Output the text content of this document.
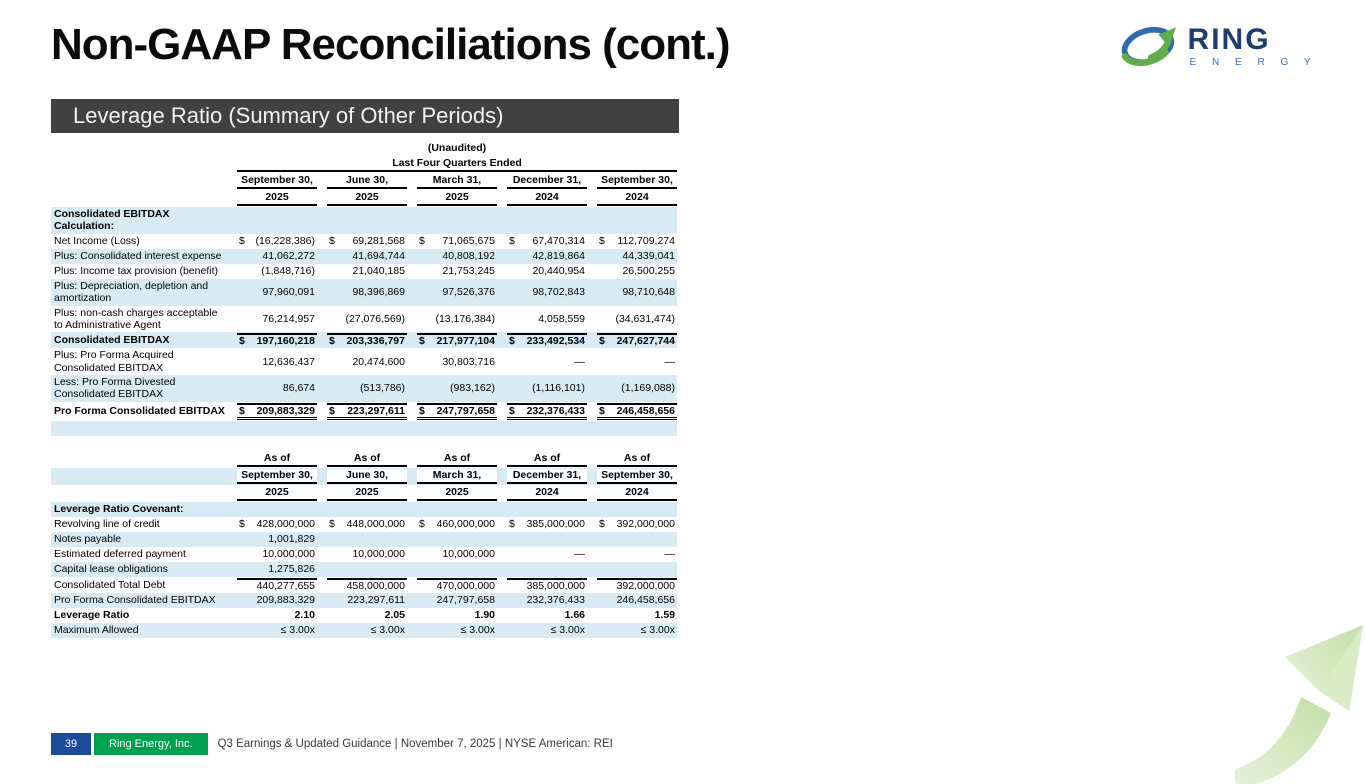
Non-GAAP Reconciliations (cont.)	RING
E N E R G Y
Leverage Ratio (Summary of Other Periods)
(Unaudited)
Last Four Quarters Ended
September 30,	June 30,	March 31,	December 31,	September 30,
2025	2025	2025	2024	2024
Consolidated EBITDAX Calculation:
Net Income (Loss)	$ (16,228,386) $ 69,281,568 $ 71,065,675 $ 67,470,314 $ 112,709,274
Plus: Consolidated interest expense	41,062,272	41,694,744	40,808,192	42,819,864	44,339,041
Plus: Income tax provision (benefit)	(1,848,716)	21,040,185	21,753,245	20,440,954	26,500,255
Plus: Depreciation, depletion and amortization	97,960,091	98,396,869	97,526,376	98,702,843	98,710,648
Plus: non-cash charges acceptable to Administrative Agent	76,214,957	(27,076,569)	(13,176,384)	4,058,559	(34,631,474)
Consolidated EBITDAX	$ 197,160,218 $ 203,336,797 $ 217,977,104 $ 233,492,534 $ 247,627,744
Plus: Pro Forma Acquired Consolidated EBITDAX	12,636,437	20,474,600	30,803,716	—	—
Less: Pro Forma Divested Consolidated EBITDAX	86,674	(513,786)	(983,162)	(1,116,101)	(1,169,088)
Pro Forma Consolidated EBITDAX $ 209,883,329 $ 223,297,611 $ 247,797,658 $ 232,376,433 $ 246,458,656
As of	As of	As of	As of	As of
September 30,	June 30,	March 31,	December 31,	September 30,
2025	2025	2025	2024	2024
Leverage Ratio Covenant:
Revolving line of credit	$ 428,000,000 $ 448,000,000 $ 460,000,000 $ 385,000,000 $ 392,000,000
Notes payable	1,001,829
Estimated deferred payment	10,000,000	10,000,000	10,000,000	—	—
Capital lease obligations	1,275,826
Consolidated Total Debt	440,277,655	458,000,000	470,000,000	385,000,000	392,000,000
Pro Forma Consolidated EBITDAX	209,883,329	223,297,611	247,797,658	232,376,433	246,458,656
Leverage Ratio	2.10	2.05	1.90	1.66	1.59
Maximum Allowed	≤ 3.00x	≤ 3.00x	≤ 3.00x	≤ 3.00x	≤ 3.00x
39	Ring Energy, Inc.	Q3 Earnings & Updated Guidance | November 7, 2025 | NYSE American: REI
